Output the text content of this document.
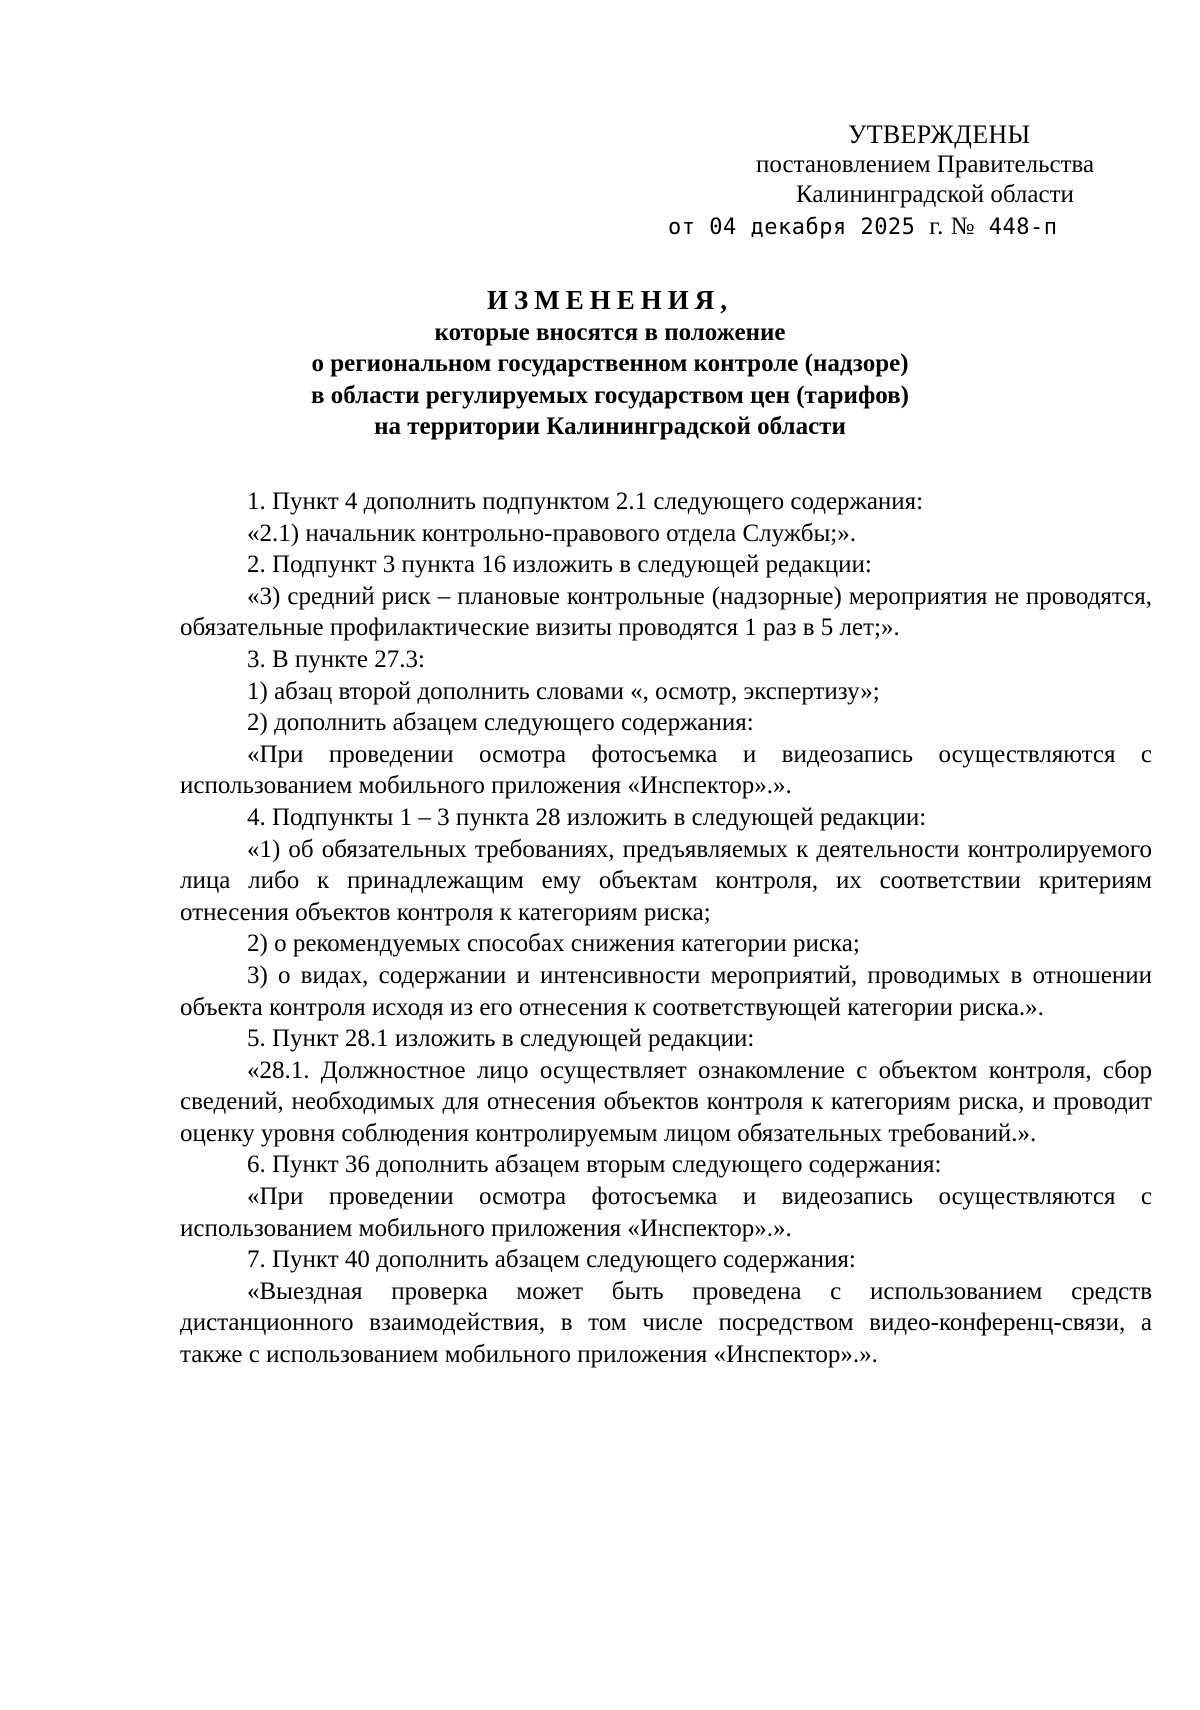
УТВЕРЖДЕНЫ
постановлением Правительства
Калининградской области
от 04 декабря 2025 г. № 448-п
ИЗМЕНЕНИЯ,
которые вносятся в положение
о региональном государственном контроле (надзоре)
в области регулируемых государством цен (тарифов)
на территории Калининградской области

1. Пункт 4 дополнить подпунктом 2.1 следующего содержания:

«2.1) начальник контрольно-правового отдела Службы;».

2. Подпункт 3 пункта 16 изложить в следующей редакции:

«3) средний риск – плановые контрольные (надзорные) мероприятия не проводятся, обязательные профилактические визиты проводятся 1 раз в 5 лет;».

3. В пункте 27.3:

1) абзац второй дополнить словами «, осмотр, экспертизу»;

2) дополнить абзацем следующего содержания:

«При проведении осмотра фотосъемка и видеозапись осуществляются с использованием мобильного приложения «Инспектор».».

4. Подпункты 1 – 3 пункта 28 изложить в следующей редакции:

«1) об обязательных требованиях, предъявляемых к деятельности контролируемого лица либо к принадлежащим ему объектам контроля, их соответствии критериям отнесения объектов контроля к категориям риска;

2) о рекомендуемых способах снижения категории риска;

3) о видах, содержании и интенсивности мероприятий, проводимых в отношении объекта контроля исходя из его отнесения к соответствующей категории риска.».

5. Пункт 28.1 изложить в следующей редакции:

«28.1. Должностное лицо осуществляет ознакомление с объектом контроля, сбор сведений, необходимых для отнесения объектов контроля к категориям риска, и проводит оценку уровня соблюдения контролируемым лицом обязательных требований.».

6. Пункт 36 дополнить абзацем вторым следующего содержания:

«При проведении осмотра фотосъемка и видеозапись осуществляются с использованием мобильного приложения «Инспектор».».

7. Пункт 40 дополнить абзацем следующего содержания:

«Выездная проверка может быть проведена с использованием средств дистанционного взаимодействия, в том числе посредством видео-конференц-связи, а также с использованием мобильного приложения «Инспектор».».
